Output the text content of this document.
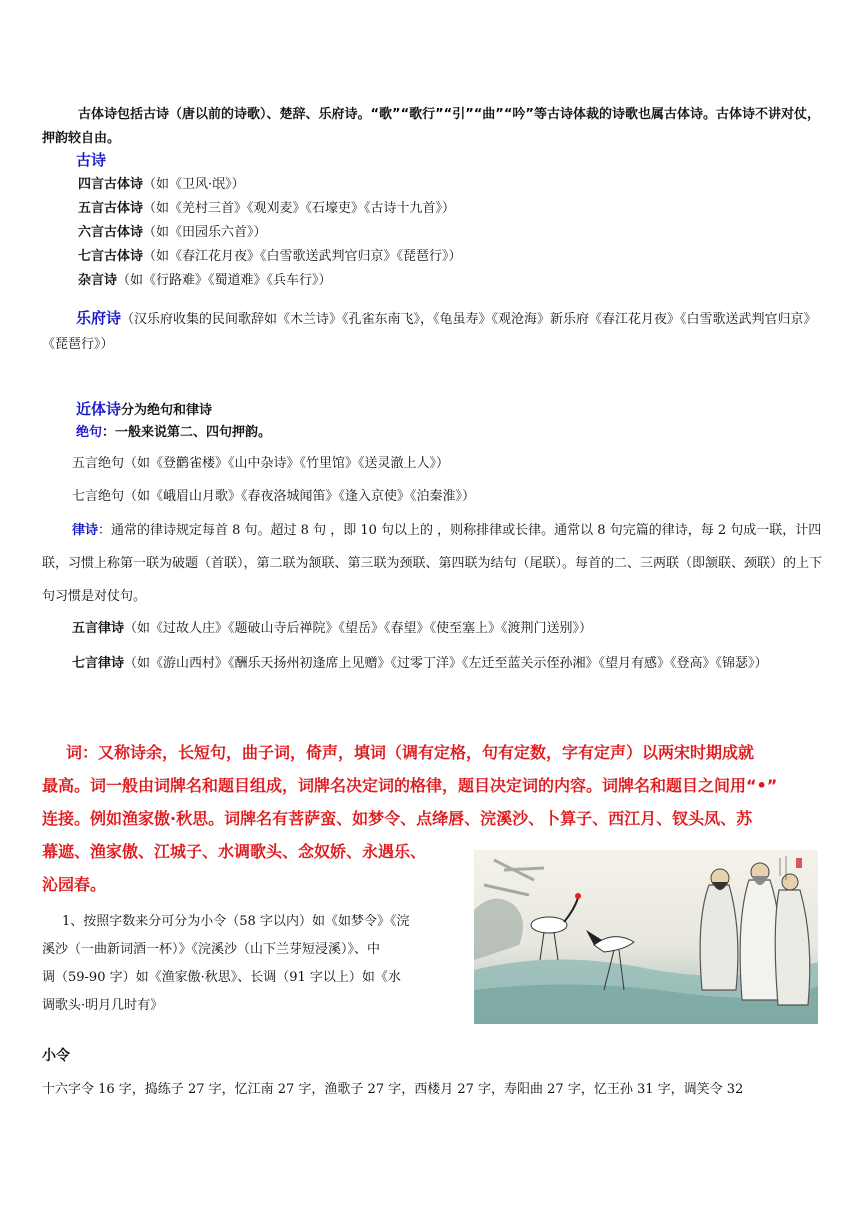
古体诗包括古诗（唐以前的诗歌）、楚辞、乐府诗。“歌”“歌行”“引”“曲”“吟”等古诗体裁的诗歌也属古体诗。古体诗不讲对仗，押韵较自由。
古诗
四言古体诗（如《卫风·氓》）
五言古体诗（如《羌村三首》《观刈麦》《石壕吏》《古诗十九首》）
六言古体诗（如《田园乐六首》）
七言古体诗（如《春江花月夜》《白雪歌送武判官归京》《琵琶行》）
杂言诗（如《行路难》《蜀道难》《兵车行》）
乐府诗（汉乐府收集的民间歌辞如《木兰诗》《孔雀东南飞》，《龟虽寿》《观沧海》新乐府《春江花月夜》《白雪歌送武判官归京》《琵琶行》）
近体诗分为绝句和律诗
绝句：一般来说第二、四句押韵。
五言绝句（如《登鹳雀楼》《山中杂诗》《竹里馆》《送灵澈上人》）
七言绝句（如《峨眉山月歌》《春夜洛城闻笛》《逢入京使》《泊秦淮》）
律诗：通常的律诗规定每首 8 句。超过 8 句 ，即 10 句以上的 ，则称排律或长律。通常以 8 句完篇的律诗，每 2 句成一联，计四联，习惯上称第一联为破题（首联），第二联为颔联、第三联为颈联、第四联为结句（尾联）。每首的二、三两联（即颔联、颈联）的上下句习惯是对仗句。
五言律诗（如《过故人庄》《题破山寺后禅院》《望岳》《春望》《使至塞上》《渡荆门送别》）
七言律诗（如《游山西村》《酬乐天扬州初逢席上见赠》《过零丁洋》《左迁至蓝关示侄孙湘》《望月有感》《登高》《锦瑟》）
词：又称诗余，长短句，曲子词，倚声，填词（调有定格，句有定数，字有定声）以两宋时期成就
最高。词一般由词牌名和题目组成，词牌名决定词的格律，题目决定词的内容。词牌名和题目之间用“•”
连接。例如渔家傲·秋思。词牌名有菩萨蛮、如梦令、点绛唇、浣溪沙、卜算子、西江月、钗头凤、苏
幕遮、渔家傲、江城子、水调歌头、念奴娇、永遇乐、
沁园春。
1、按照字数来分可分为小令（58 字以内）如《如梦令》《浣
溪沙（一曲新词酒一杯）》《浣溪沙（山下兰芽短浸溪）》、中
调（59-90 字）如《渔家傲·秋思》、长调（91 字以上）如《水
调歌头·明月几时有》
小令
十六字令 16 字，捣练子 27 字，忆江南 27 字，渔歌子 27 字，西楼月 27 字，寿阳曲 27 字，忆王孙 31 字，调笑令 32
